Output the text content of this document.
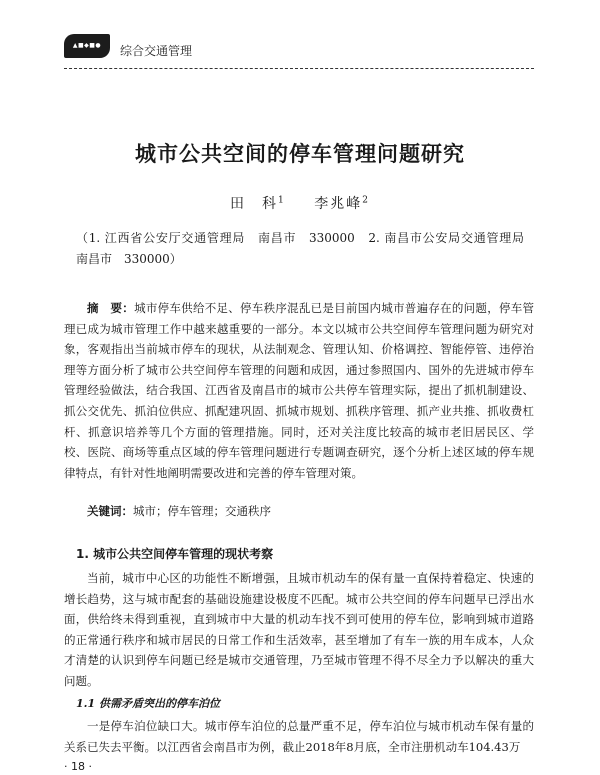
▲■◆■●	综合交通管理
城市公共空间的停车管理问题研究
田　科$^1$ 李兆峰$^2$
（1. 江西省公安厅交通管理局　南昌市　330000　2. 南昌市公安局交通管理局　南昌市　330000）

摘　要：城市停车供给不足、停车秩序混乱已是目前国内城市普遍存在的问题，停车管理已成为城市管理工作中越来越重要的一部分。本文以城市公共空间停车管理问题为研究对象，客观指出当前城市停车的现状，从法制观念、管理认知、价格调控、智能停管、违停治理等方面分析了城市公共空间停车管理的问题和成因，通过参照国内、国外的先进城市停车管理经验做法，结合我国、江西省及南昌市的城市公共停车管理实际，提出了抓机制建设、抓公交优先、抓泊位供应、抓配建巩固、抓城市规划、抓秩序管理、抓产业共推、抓收费杠杆、抓意识培养等几个方面的管理措施。同时，还对关注度比较高的城市老旧居民区、学校、医院、商场等重点区域的停车管理问题进行专题调查研究，逐个分析上述区域的停车规律特点，有针对性地阐明需要改进和完善的停车管理对策。

关键词：城市；停车管理；交通秩序

1. 城市公共空间停车管理的现状考察

当前，城市中心区的功能性不断增强，且城市机动车的保有量一直保持着稳定、快速的增长趋势，这与城市配套的基础设施建设极度不匹配。城市公共空间的停车问题早已浮出水面，供给终未得到重视，直到城市中大量的机动车找不到可使用的停车位，影响到城市道路的正常通行秩序和城市居民的日常工作和生活效率，甚至增加了有车一族的用车成本，人众才清楚的认识到停车问题已经是城市交通管理，乃至城市管理不得不尽全力予以解决的重大问题。

1.1 供需矛盾突出的停车泊位

一是停车泊位缺口大。城市停车泊位的总量严重不足，停车泊位与城市机动车保有量的关系已失去平衡。以江西省会南昌市为例，截止2018年8月底，全市注册机动车104.43万

· 18 ·
